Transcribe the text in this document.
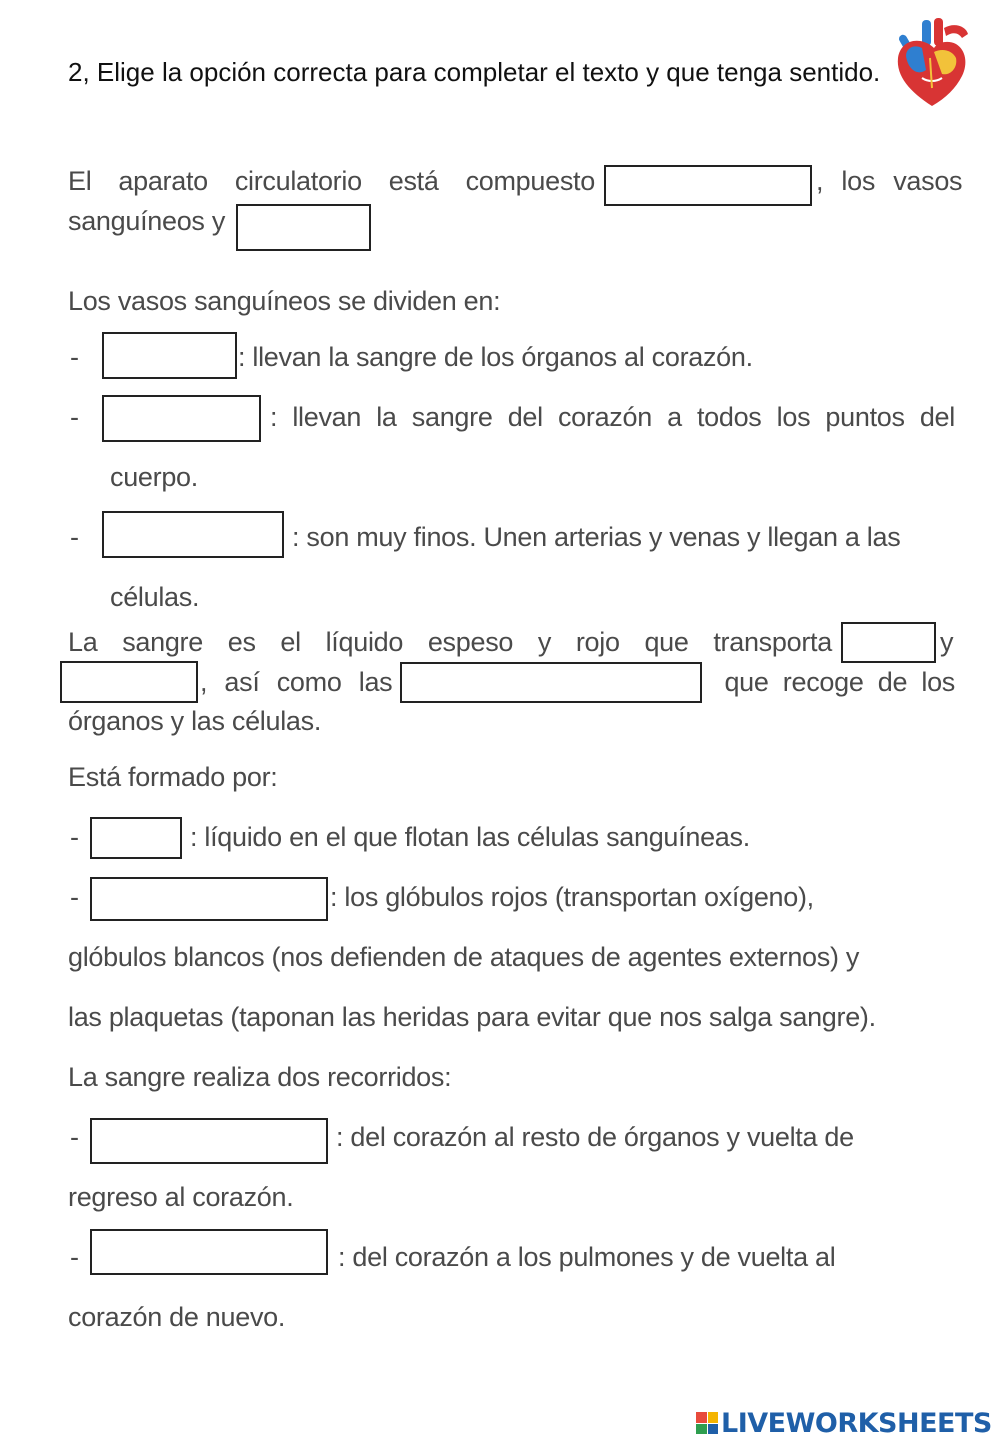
2, Elige la opción correcta para completar el texto y que tenga sentido.
El aparato circulatorio está compuesto	, los vasos
sanguíneos y
Los vasos sanguíneos se dividen en:
-	: llevan la sangre de los órganos al corazón.
-	: llevan la sangre del corazón a todos los puntos del
cuerpo.
-	: son muy finos. Unen arterias y venas y llegan a las
células.
La sangre es el líquido espeso y rojo que transporta	y
, así como las	que recoge de los
órganos y las células.
Está formado por:
-	: líquido en el que flotan las células sanguíneas.
-	: los glóbulos rojos (transportan oxígeno),
glóbulos blancos (nos defienden de ataques de agentes externos) y
las plaquetas (taponan las heridas para evitar que nos salga sangre).
La sangre realiza dos recorridos:
-	: del corazón al resto de órganos y vuelta de
regreso al corazón.
-	: del corazón a los pulmones y de vuelta al
corazón de nuevo.
LIVEWORKSHEETS
